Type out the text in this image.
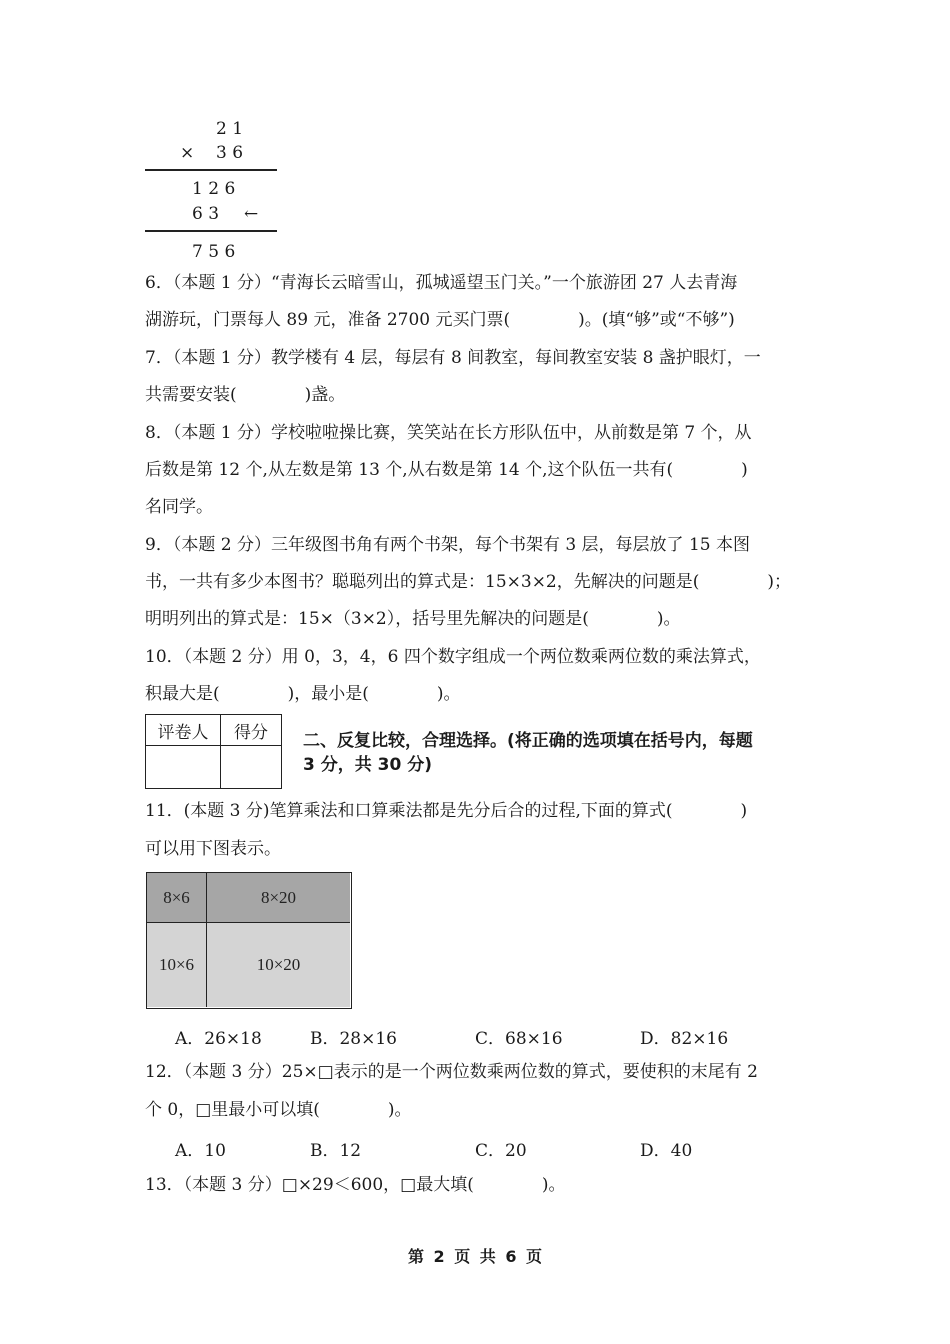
2 1
× 3 6
1 2 6
6 3 ←
7 5 6
6．（本题 1 分）“青海长云暗雪山，孤城遥望玉门关。”一个旅游团 27 人去青海
湖游玩，门票每人 89 元，准备 2700 元买门票(　　　　)。(填“够”或“不够”)
7．（本题 1 分）教学楼有 4 层，每层有 8 间教室，每间教室安装 8 盏护眼灯，一
共需要安装(　　　　)盏。
8．（本题 1 分）学校啦啦操比赛，笑笑站在长方形队伍中，从前数是第 7 个，从
后数是第 12 个,从左数是第 13 个,从右数是第 14 个,这个队伍一共有(　　　　)
名同学。
9．（本题 2 分）三年级图书角有两个书架，每个书架有 3 层，每层放了 15 本图
书，一共有多少本图书？聪聪列出的算式是：15×3×2，先解决的问题是(　　　　)；
明明列出的算式是：15×（3×2），括号里先解决的问题是(　　　　)。
10．（本题 2 分）用 0，3，4，6 四个数字组成一个两位数乘两位数的乘法算式，
积最大是(　　　　)，最小是(　　　　)。
评卷人	得分
	二、反复比较，合理选择。(将正确的选项填在括号内，每题
3 分，共 30 分)
11．(本题 3 分)笔算乘法和口算乘法都是先分后合的过程,下面的算式(　　　　)
可以用下图表示。
8×6	8×20
10×6	10×20
A．26×18	B．28×16	C．68×16	D．82×16
12．（本题 3 分）25×□表示的是一个两位数乘两位数的算式，要使积的末尾有 2
个 0，□里最小可以填(　　　　)。
A．10	B．12	C．20	D．40
13．（本题 3 分）□×29＜600，□最大填(　　　　)。
第 2 页 共 6 页
